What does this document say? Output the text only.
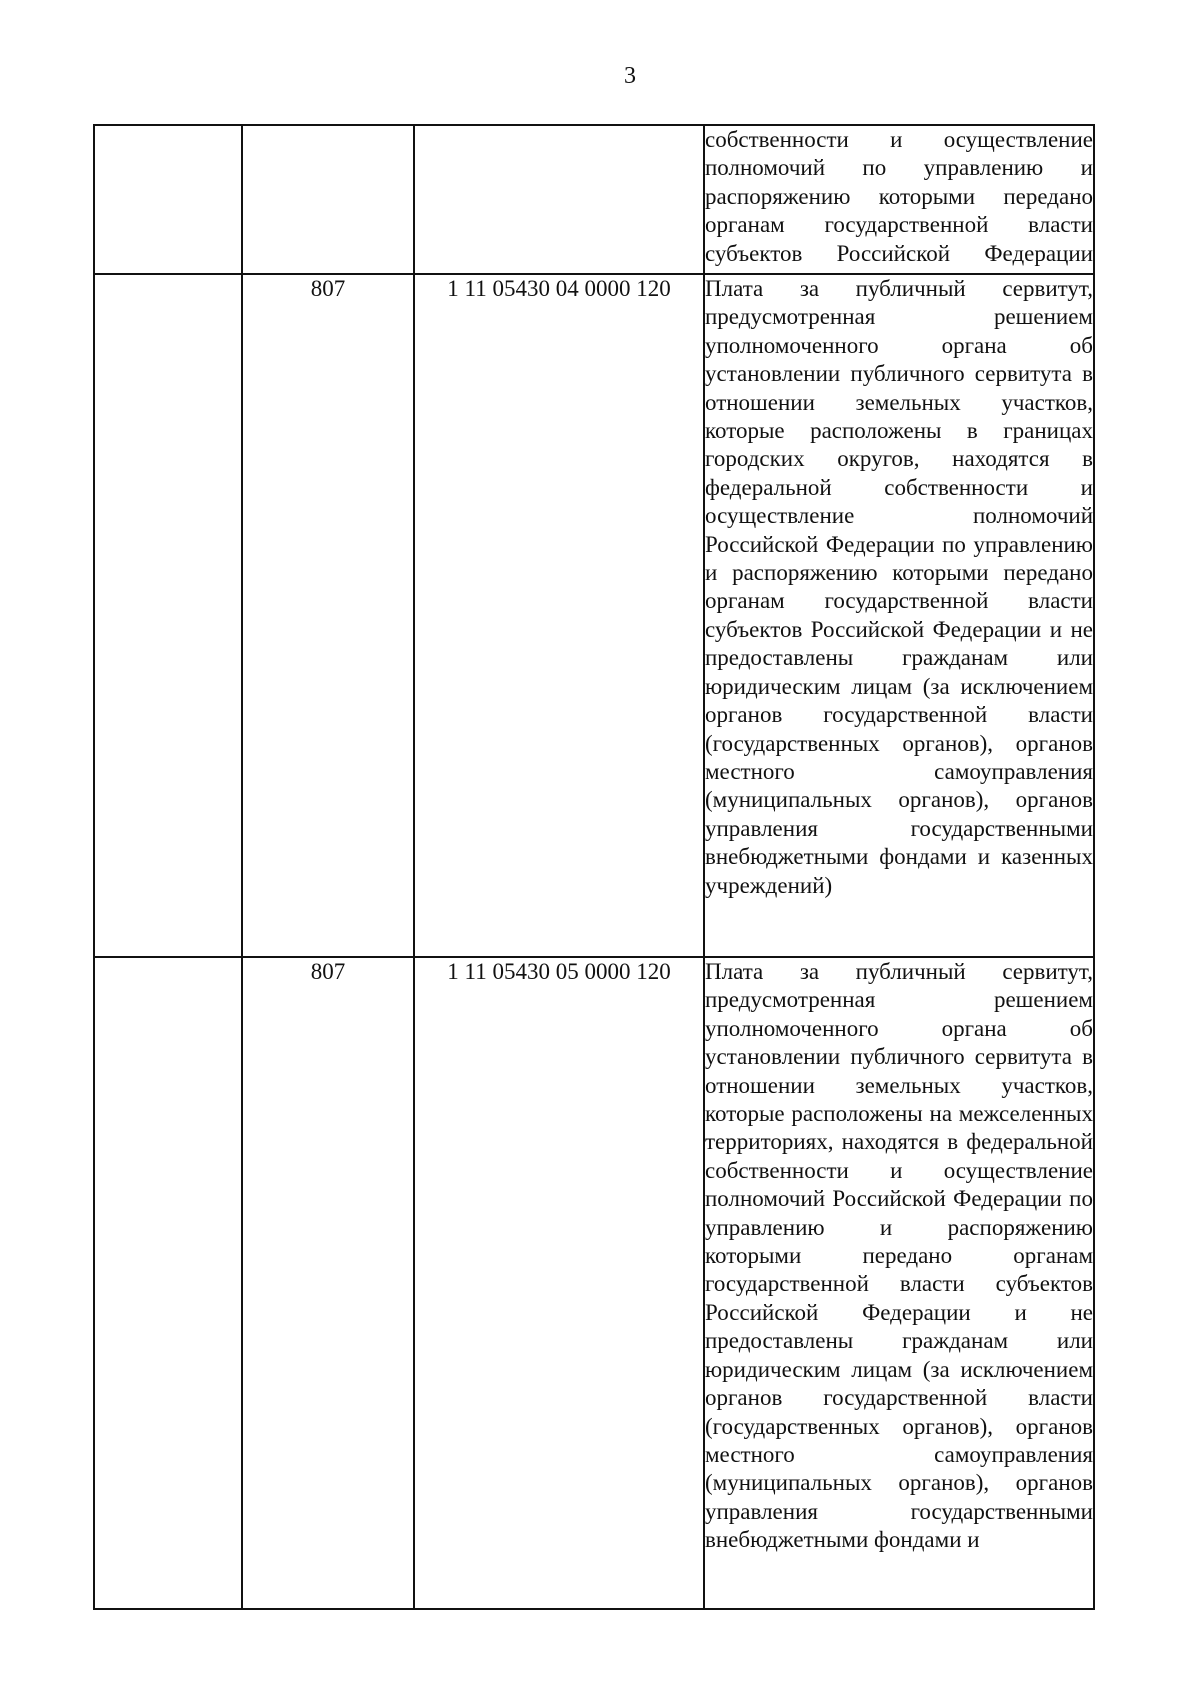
3

			собственности и осуществление полномочий по управлению и распоряжению которыми передано органам государственной власти субъектов Российской Федерации

	807	1 11 05430 04 0000 120	Плата за публичный сервитут, предусмотренная решением уполномоченного органа об установлении публичного сервитута в отношении земельных участков, которые расположены в границах городских округов, находятся в федеральной собственности и осуществление полномочий Российской Федерации по управлению и распоряжению которыми передано органам государственной власти субъектов Российской Федерации и не предоставлены гражданам или юридическим лицам (за исключением органов государственной власти (государственных органов), органов местного самоуправления (муниципальных органов), органов управления государственными внебюджетными фондами и казенных учреждений)

	807	1 11 05430 05 0000 120	Плата за публичный сервитут, предусмотренная решением уполномоченного органа об установлении публичного сервитута в отношении земельных участков, которые расположены на межселенных территориях, находятся в федеральной собственности и осуществление полномочий Российской Федерации по управлению и распоряжению которыми передано органам государственной власти субъектов Российской Федерации и не предоставлены гражданам или юридическим лицам (за исключением органов государственной власти (государственных органов), органов местного самоуправления (муниципальных органов), органов управления государственными внебюджетными фондами и
